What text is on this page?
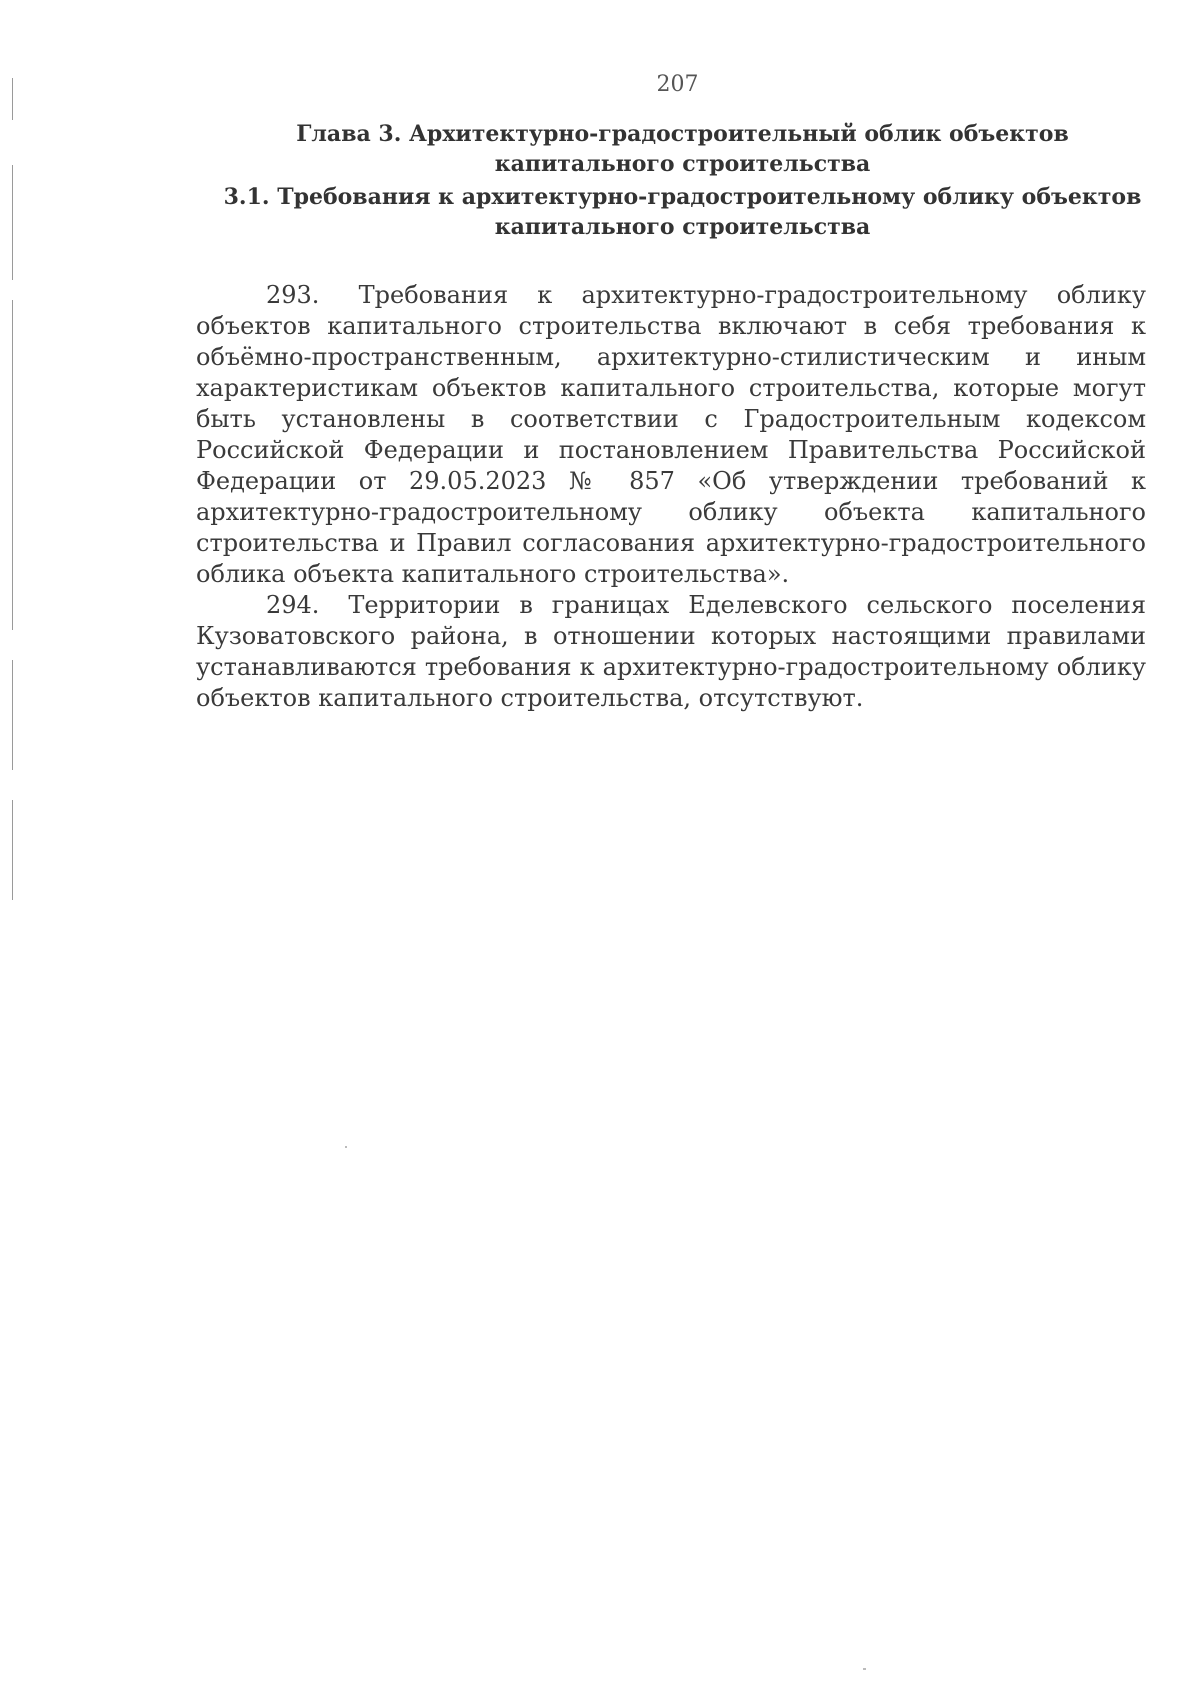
207
Глава 3. Архитектурно-градостроительный облик объектов капитального строительства
3.1. Требования к архитектурно-градостроительному облику объектов капитального строительства

293. Требования к архитектурно-градостроительному облику объектов капитального строительства включают в себя требования к объёмно-пространственным, архитектурно-стилистическим и иным характеристикам объектов капитального строительства, которые могут быть установлены в соответствии с Градостроительным кодексом Российской Федерации и постановлением Правительства Российской Федерации от 29.05.2023 № 857 «Об утверждении требований к архитектурно-градостроительному облику объекта капитального строительства и Правил согласования архитектурно-градостроительного облика объекта капитального строительства».

294. Территории в границах Еделевского сельского поселения Кузоватовского района, в отношении которых настоящими правилами устанавливаются требования к архитектурно-градостроительному облику объектов капитального строительства, отсутствуют.
